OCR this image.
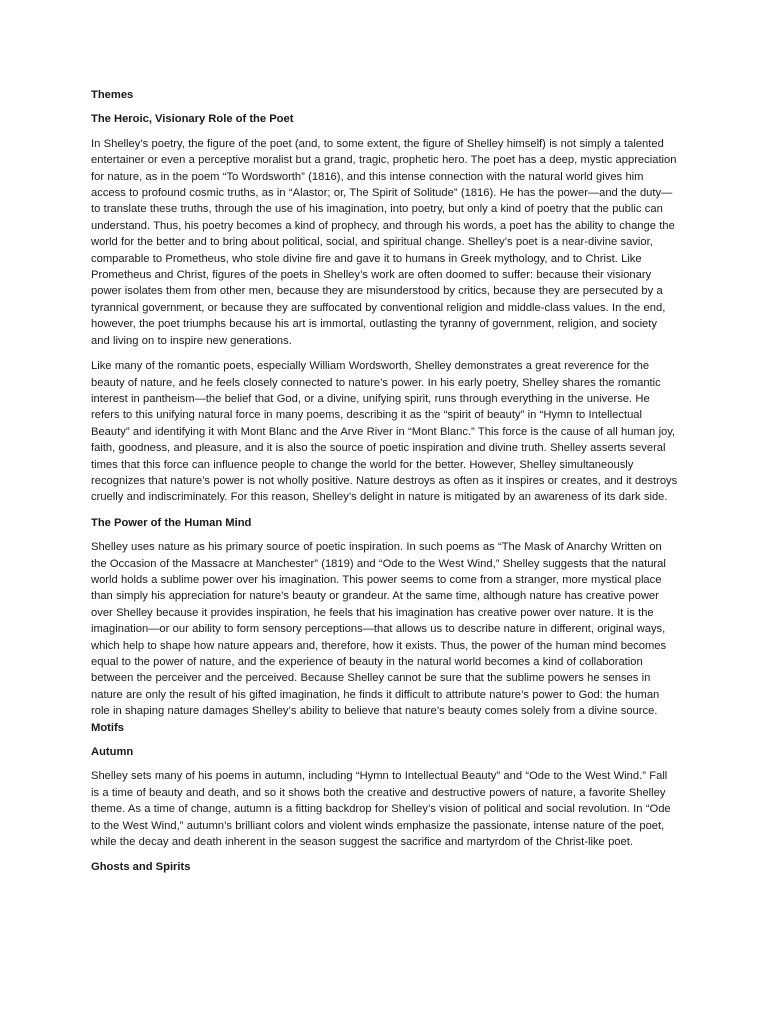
Themes

The Heroic, Visionary Role of the Poet

In Shelley’s poetry, the figure of the poet (and, to some extent, the figure of Shelley himself) is not simply a talented entertainer or even a perceptive moralist but a grand, tragic, prophetic hero. The poet has a deep, mystic appreciation for nature, as in the poem “To Wordsworth” (1816), and this intense connection with the natural world gives him access to profound cosmic truths, as in “Alastor; or, The Spirit of Solitude” (1816). He has the power—and the duty—to translate these truths, through the use of his imagination, into poetry, but only a kind of poetry that the public can understand. Thus, his poetry becomes a kind of prophecy, and through his words, a poet has the ability to change the world for the better and to bring about political, social, and spiritual change. Shelley’s poet is a near-divine savior, comparable to Prometheus, who stole divine fire and gave it to humans in Greek mythology, and to Christ. Like Prometheus and Christ, figures of the poets in Shelley’s work are often doomed to suffer: because their visionary power isolates them from other men, because they are misunderstood by critics, because they are persecuted by a tyrannical government, or because they are suffocated by conventional religion and middle-class values. In the end, however, the poet triumphs because his art is immortal, outlasting the tyranny of government, religion, and society and living on to inspire new generations.

Like many of the romantic poets, especially William Wordsworth, Shelley demonstrates a great reverence for the beauty of nature, and he feels closely connected to nature’s power. In his early poetry, Shelley shares the romantic interest in pantheism—the belief that God, or a divine, unifying spirit, runs through everything in the universe. He refers to this unifying natural force in many poems, describing it as the “spirit of beauty” in “Hymn to Intellectual Beauty” and identifying it with Mont Blanc and the Arve River in “Mont Blanc.” This force is the cause of all human joy, faith, goodness, and pleasure, and it is also the source of poetic inspiration and divine truth. Shelley asserts several times that this force can influence people to change the world for the better. However, Shelley simultaneously recognizes that nature’s power is not wholly positive. Nature destroys as often as it inspires or creates, and it destroys cruelly and indiscriminately. For this reason, Shelley’s delight in nature is mitigated by an awareness of its dark side.

The Power of the Human Mind

Shelley uses nature as his primary source of poetic inspiration. In such poems as “The Mask of Anarchy Written on the Occasion of the Massacre at Manchester” (1819) and “Ode to the West Wind,” Shelley suggests that the natural world holds a sublime power over his imagination. This power seems to come from a stranger, more mystical place than simply his appreciation for nature’s beauty or grandeur. At the same time, although nature has creative power over Shelley because it provides inspiration, he feels that his imagination has creative power over nature. It is the imagination—or our ability to form sensory perceptions—that allows us to describe nature in different, original ways, which help to shape how nature appears and, therefore, how it exists. Thus, the power of the human mind becomes equal to the power of nature, and the experience of beauty in the natural world becomes a kind of collaboration between the perceiver and the perceived. Because Shelley cannot be sure that the sublime powers he senses in nature are only the result of his gifted imagination, he finds it difficult to attribute nature’s power to God: the human role in shaping nature damages Shelley’s ability to believe that nature’s beauty comes solely from a divine source.

Motifs

Autumn

Shelley sets many of his poems in autumn, including “Hymn to Intellectual Beauty” and “Ode to the West Wind.” Fall is a time of beauty and death, and so it shows both the creative and destructive powers of nature, a favorite Shelley theme. As a time of change, autumn is a fitting backdrop for Shelley’s vision of political and social revolution. In “Ode to the West Wind,” autumn’s brilliant colors and violent winds emphasize the passionate, intense nature of the poet, while the decay and death inherent in the season suggest the sacrifice and martyrdom of the Christ-like poet.

Ghosts and Spirits
